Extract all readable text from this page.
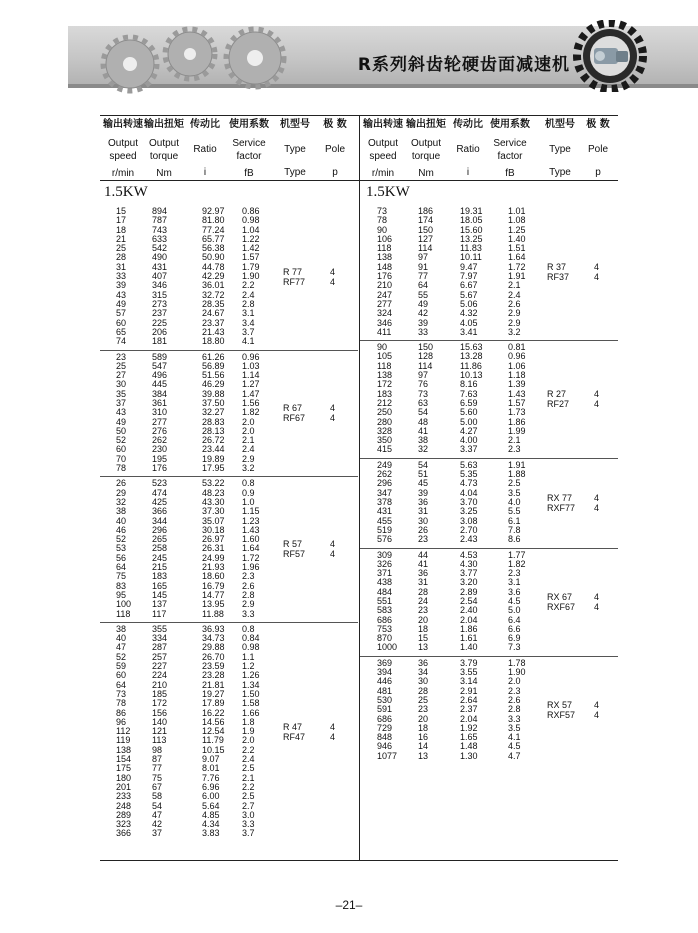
R系列斜齿轮硬齿面减速机
输出转速
Output
speed
r/min
输出扭矩
Output
torque
Nm
传动比
Ratio
i
使用系数
Service
factor
fB
机型号
Type
Type
极 数
Pole
p
输出转速
Output
speed
r/min
输出扭矩
Output
torque
Nm
传动比
Ratio
i
使用系数
Service
factor
fB
机型号
Type
Type
极 数
Pole
p
1.5KW	1.5KW
15
17
18
21
25
28
31
33
39
43
49
57
60
65
74
894
787
743
633
542
490
431
407
346
315
273
237
225
206
181
92.97
81.80
77.24
65.77
56.38
50.90
44.78
42.29
36.01
32.72
28.35
24.67
23.37
21.43
18.80
0.86
0.98
1.04
1.22
1.42
1.57
1.79
1.90
2.2
2.4
2.8
3.1
3.4
3.7
4.1
R 77
RF77
4
4
23
25
27
30
35
37
43
49
50
52
60
70
78
589
547
496
445
384
361
310
277
276
262
230
195
176
61.26
56.89
51.56
46.29
39.88
37.50
32.27
28.83
28.13
26.72
23.44
19.89
17.95
0.96
1.03
1.14
1.27
1.47
1.56
1.82
2.0
2.0
2.1
2.4
2.9
3.2
R 67
RF67
4
4
26
29
32
38
40
46
52
53
56
64
75
83
95
100
118
523
474
425
366
344
296
265
258
245
215
183
165
145
137
117
53.22
48.23
43.30
37.30
35.07
30.18
26.97
26.31
24.99
21.93
18.60
16.79
14.77
13.95
11.88
0.8
0.9
1.0
1.15
1.23
1.43
1.60
1.64
1.72
1.96
2.3
2.6
2.8
2.9
3.3
R 57
RF57
4
4
38
40
47
52
59
60
64
73
78
86
96
112
119
138
154
175
180
201
233
248
289
323
366
355
334
287
257
227
224
210
185
172
156
140
121
113
98
87
77
75
67
58
54
47
42
37
36.93
34.73
29.88
26.70
23.59
23.28
21.81
19.27
17.89
16.22
14.56
12.54
11.79
10.15
9.07
8.01
7.76
6.96
6.00
5.64
4.85
4.34
3.83
0.8
0.84
0.98
1.1
1.2
1.26
1.34
1.50
1.58
1.66
1.8
1.9
2.0
2.2
2.4
2.5
2.1
2.2
2.5
2.7
3.0
3.3
3.7
R 47
RF47
4
4
73
78
90
106
118
138
148
176
210
247
277
324
346
411
186
174
150
127
114
97
91
77
64
55
49
42
39
33
19.31
18.05
15.60
13.25
11.83
10.11
9.47
7.97
6.67
5.67
5.06
4.32
4.05
3.41
1.01
1.08
1.25
1.40
1.51
1.64
1.72
1.91
2.1
2.4
2.6
2.9
2.9
3.2
R 37
RF37
4
4
90
105
118
138
172
183
212
250
280
328
350
415
150
128
114
97
76
73
63
54
48
41
38
32
15.63
13.28
11.86
10.13
8.16
7.63
6.59
5.60
5.00
4.27
4.00
3.37
0.81
0.96
1.06
1.18
1.39
1.43
1.57
1.73
1.86
1.99
2.1
2.3
R 27
RF27
4
4
249
262
296
347
378
431
455
519
576
54
51
45
39
36
31
30
26
23
5.63
5.35
4.73
4.04
3.70
3.25
3.08
2.70
2.43
1.91
1.88
2.5
3.5
4.0
5.5
6.1
7.8
8.6
RX 77
RXF77
4
4
309
326
371
438
484
551
583
686
753
870
1000
44
41
36
31
28
24
23
20
18
15
13
4.53
4.30
3.77
3.20
2.89
2.54
2.40
2.04
1.86
1.61
1.40
1.77
1.82
2.3
3.1
3.6
4.5
5.0
6.4
6.6
6.9
7.3
RX 67
RXF67
4
4
369
394
446
481
530
591
686
729
848
946
1077
36
34
30
28
25
23
20
18
16
14
13
3.79
3.55
3.14
2.91
2.64
2.37
2.04
1.92
1.65
1.48
1.30
1.78
1.90
2.0
2.3
2.6
2.8
3.3
3.5
4.1
4.5
4.7
RX 57
RXF57
4
4
–21–
